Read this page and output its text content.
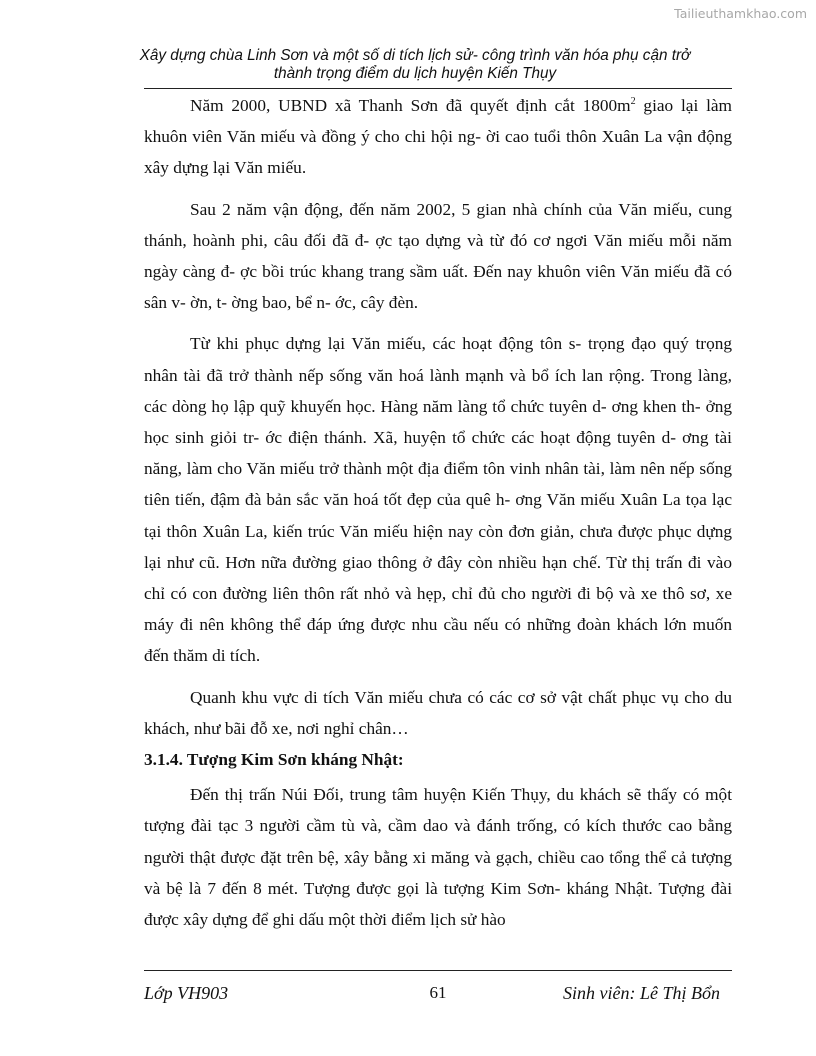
Tailieuthamkhao.com
Xây dựng chùa Linh Sơn và một số di tích lịch sử- công trình văn hóa phụ cận trở
thành trọng điểm du lịch huyện Kiến Thụy

Năm 2000, UBND xã Thanh Sơn đã quyết định cắt $1800m^2$ giao lại làm khuôn viên Văn miếu và đồng ý cho chi hội ng- ời cao tuổi thôn Xuân La vận động xây dựng lại Văn miếu.

Sau 2 năm vận động, đến năm 2002, 5 gian nhà chính của Văn miếu, cung thánh, hoành phi, câu đối đã đ- ợc tạo dựng và từ đó cơ ngơi Văn miếu mỗi năm ngày càng đ- ợc bồi trúc khang trang sầm uất. Đến nay khuôn viên Văn miếu đã có sân v- ờn, t- ờng bao, bể n- ớc, cây đèn.

Từ khi phục dựng lại Văn miếu, các hoạt động tôn s- trọng đạo quý trọng nhân tài đã trở thành nếp sống văn hoá lành mạnh và bổ ích lan rộng. Trong làng, các dòng họ lập quỹ khuyến học. Hàng năm làng tổ chức tuyên d- ơng khen th- ởng học sinh giỏi tr- ớc điện thánh. Xã, huyện tổ chức các hoạt động tuyên d- ơng tài năng, làm cho Văn miếu trở thành một địa điểm tôn vinh nhân tài, làm nên nếp sống tiên tiến, đậm đà bản sắc văn hoá tốt đẹp của quê h- ơng Văn miếu Xuân La tọa lạc tại thôn Xuân La, kiến trúc Văn miếu hiện nay còn đơn giản, chưa được phục dựng lại như cũ. Hơn nữa đường giao thông ở đây còn nhiều hạn chế. Từ thị trấn đi vào chỉ có con đường liên thôn rất nhỏ và hẹp, chỉ đủ cho người đi bộ và xe thô sơ, xe máy đi nên không thể đáp ứng được nhu cầu nếu có những đoàn khách lớn muốn đến thăm di tích.

Quanh khu vực di tích Văn miếu chưa có các cơ sở vật chất phục vụ cho du khách, như bãi đỗ xe, nơi nghỉ chân…

3.1.4. Tượng Kim Sơn kháng Nhật:

Đến thị trấn Núi Đối, trung tâm huyện Kiến Thụy, du khách sẽ thấy có một tượng đài tạc 3 người cầm tù và, cầm dao và đánh trống, có kích thước cao bằng người thật được đặt trên bệ, xây bằng xi măng và gạch, chiều cao tổng thể cả tượng và bệ là 7 đến 8 mét. Tượng được gọi là tượng Kim Sơn- kháng Nhật. Tượng đài được xây dựng để ghi dấu một thời điểm lịch sử hào

Lớp VH903	61	Sinh viên: Lê Thị Bổn
